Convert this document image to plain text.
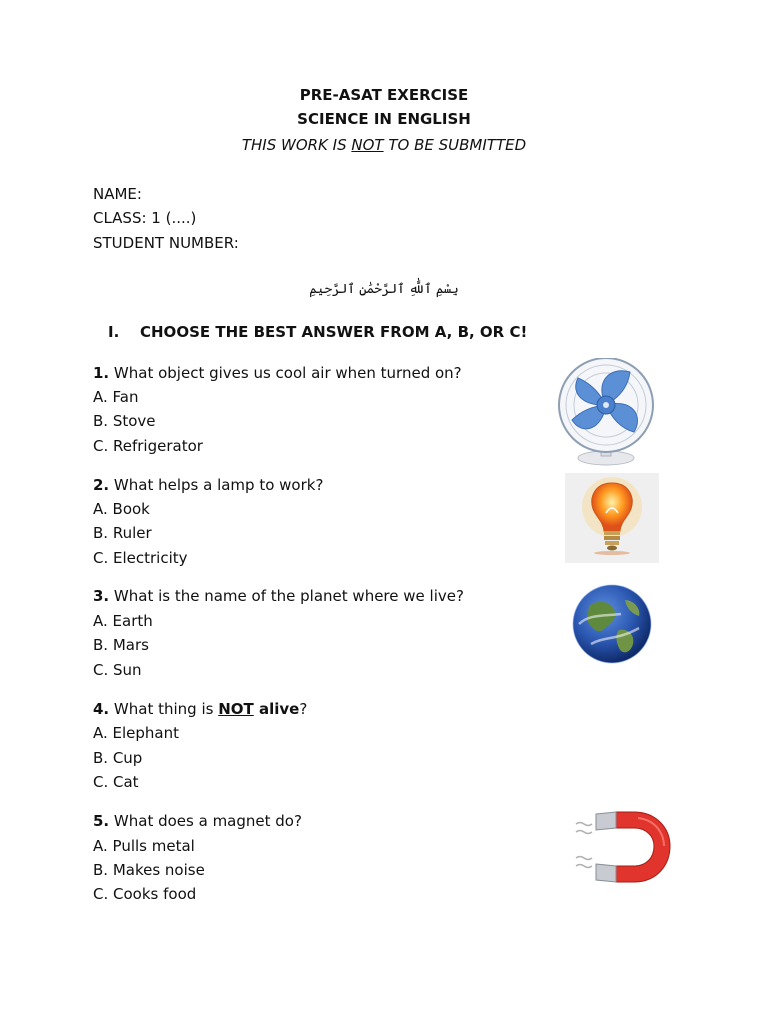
PRE-ASAT EXERCISE
SCIENCE IN ENGLISH
THIS WORK IS NOT TO BE SUBMITTED
NAME:
CLASS: 1 (....)
STUDENT NUMBER:
بِسْمِ ٱللَّٰهِ ٱلرَّحْمَٰنِ ٱلرَّحِيمِ
I. CHOOSE THE BEST ANSWER FROM A, B, OR C!
1. What object gives us cool air when turned on?
A. Fan
B. Stove
C. Refrigerator
2. What helps a lamp to work?
A. Book
B. Ruler
C. Electricity
3. What is the name of the planet where we live?
A. Earth
B. Mars
C. Sun
4. What thing is NOT alive?
A. Elephant
B. Cup
C. Cat
5. What does a magnet do?
A. Pulls metal
B. Makes noise
C. Cooks food
